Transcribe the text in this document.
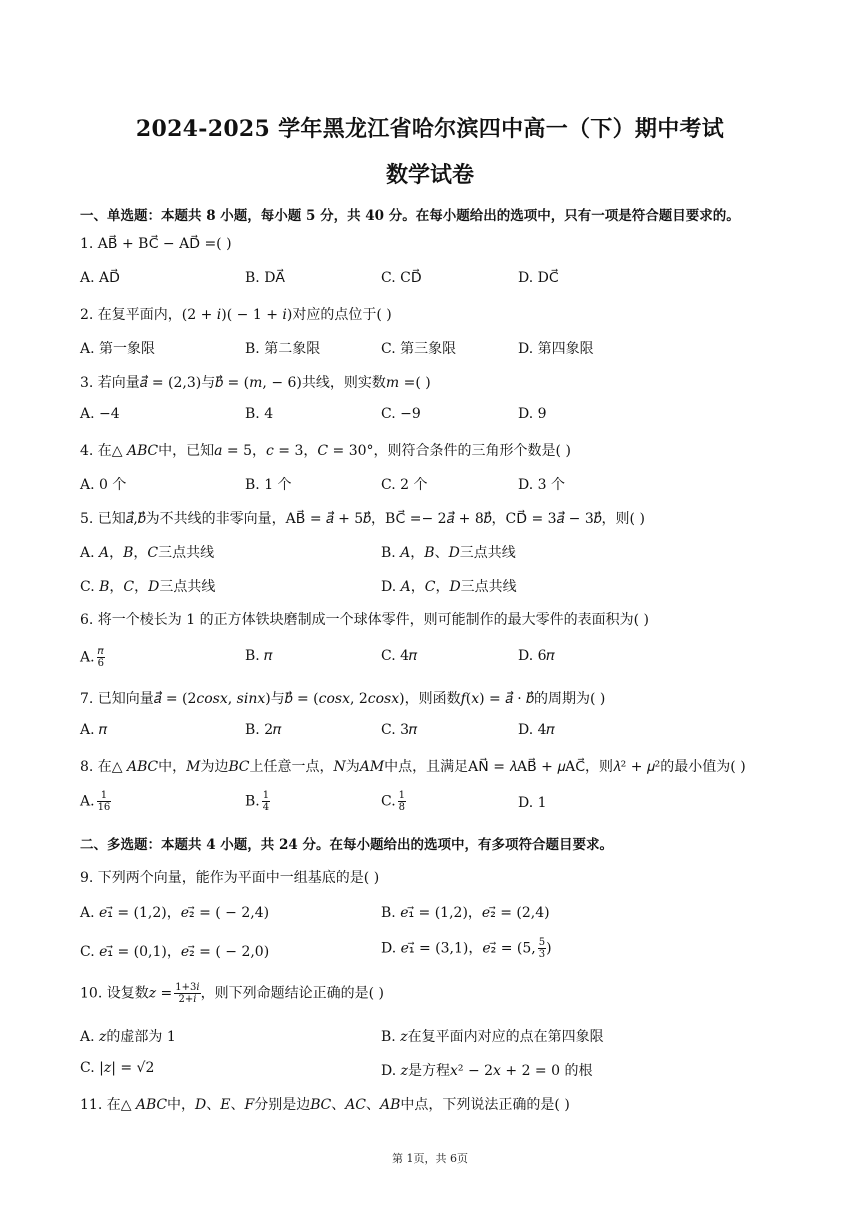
2024-2025 学年黑龙江省哈尔滨四中高一（下）期中考试
数学试卷
一、单选题：本题共 8 小题，每小题 5 分，共 40 分。在每小题给出的选项中，只有一项是符合题目要求的。
1. AB⃗ + BC⃗ − AD⃗ =( )
A. AD⃗	B. DA⃗	C. CD⃗	D. DC⃗
2. 在复平面内，(2 + 𝑖)( − 1 + 𝑖)对应的点位于( )
A. 第一象限	B. 第二象限	C. 第三象限	D. 第四象限
3. 若向量𝑎⃗ = (2,3)与𝑏⃗ = (𝑚, − 6)共线，则实数𝑚 =( )
A. −4	B. 4	C. −9	D. 9
4. 在△ 𝐴𝐵𝐶中，已知𝑎 = 5，𝑐 = 3，𝐶 = 30°，则符合条件的三角形个数是( )
A. 0 个	B. 1 个	C. 2 个	D. 3 个
5. 已知𝑎⃗,𝑏⃗为不共线的非零向量，AB⃗ = 𝑎⃗ + 5𝑏⃗，BC⃗ =− 2𝑎⃗ + 8𝑏⃗，CD⃗ = 3𝑎⃗ − 3𝑏⃗，则( )
A. 𝐴，𝐵，𝐶三点共线	B. 𝐴，𝐵、𝐷三点共线
C. 𝐵，𝐶，𝐷三点共线	D. 𝐴，𝐶，𝐷三点共线
6. 将一个棱长为 1 的正方体铁块磨制成一个球体零件，则可能制作的最大零件的表面积为( )
A. $\frac{\text{𝜋}}{6}$	B. 𝜋	C. 4𝜋	D. 6𝜋
7. 已知向量𝑎⃗ = (2𝑐𝑜𝑠𝑥, 𝑠𝑖𝑛𝑥)与𝑏⃗ = (𝑐𝑜𝑠𝑥, 2𝑐𝑜𝑠𝑥)，则函数𝑓(𝑥) = 𝑎⃗ · 𝑏⃗的周期为( )
A. 𝜋	B. 2𝜋	C. 3𝜋	D. 4𝜋
8. 在△ 𝐴𝐵𝐶中，𝑀为边𝐵𝐶上任意一点，𝑁为𝐴𝑀中点，且满足AN⃗ = 𝜆AB⃗ + 𝜇AC⃗，则𝜆² + 𝜇²的最小值为( )
A. $\frac{1}{16}$	B. $\frac{1}{4}$	C. $\frac{1}{8}$	D. 1
二、多选题：本题共 4 小题，共 24 分。在每小题给出的选项中，有多项符合题目要求。
9. 下列两个向量，能作为平面中一组基底的是( )
A. 𝑒₁⃗ = (1,2)，𝑒₂⃗ = ( − 2,4)	B. 𝑒₁⃗ = (1,2)，𝑒₂⃗ = (2,4)
C. 𝑒₁⃗ = (0,1)，𝑒₂⃗ = ( − 2,0)	D. 𝑒₁⃗ = (3,1)，𝑒₂⃗ = (5, $\frac{5}{3}$ )
10. 设复数𝑧 = $\frac{\text{1+3𝑖}}{\text{2+𝑖}}$ ，则下列命题结论正确的是( )
A. 𝑧的虚部为 1	B. 𝑧在复平面内对应的点在第四象限
C. |𝑧| = √2	D. 𝑧是方程𝑥² − 2𝑥 + 2 = 0 的根
11. 在△ 𝐴𝐵𝐶中，𝐷、𝐸、𝐹分别是边𝐵𝐶、𝐴𝐶、𝐴𝐵中点，下列说法正确的是( )
第 1页，共 6页
